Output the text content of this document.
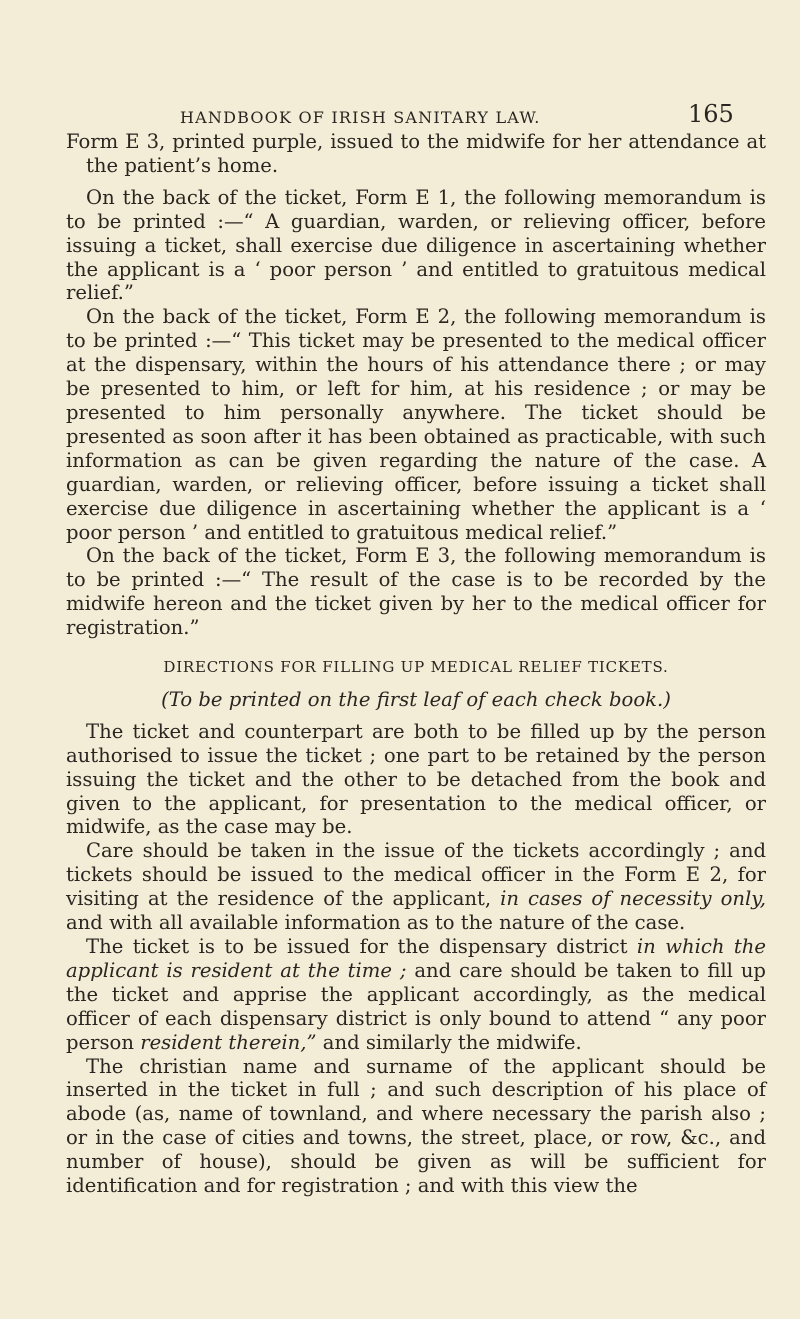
HANDBOOK OF IRISH SANITARY LAW.	165

Form E 3, printed purple, issued to the midwife for her attendance at the patient’s home.

On the back of the ticket, Form E 1, the following memorandum is to be printed :—“ A guardian, warden, or relieving officer, before issuing a ticket, shall exercise due diligence in ascertaining whether the applicant is a ‘ poor person ’ and entitled to gratuitous medical relief.”

On the back of the ticket, Form E 2, the following memorandum is to be printed :—“ This ticket may be presented to the medical officer at the dispensary, within the hours of his attendance there ; or may be presented to him, or left for him, at his residence ; or may be presented to him personally anywhere. The ticket should be presented as soon after it has been obtained as practicable, with such information as can be given regarding the nature of the case. A guardian, warden, or relieving officer, before issuing a ticket shall exercise due diligence in ascertaining whether the applicant is a ‘ poor person ’ and entitled to gratuitous medical relief.”

On the back of the ticket, Form E 3, the following memorandum is to be printed :—“ The result of the case is to be recorded by the midwife hereon and the ticket given by her to the medical officer for registration.”

DIRECTIONS FOR FILLING UP MEDICAL RELIEF TICKETS.

(To be printed on the first leaf of each check book.)

The ticket and counterpart are both to be filled up by the person authorised to issue the ticket ; one part to be retained by the person issuing the ticket and the other to be detached from the book and given to the applicant, for presentation to the medical officer, or midwife, as the case may be.

Care should be taken in the issue of the tickets accordingly ; and tickets should be issued to the medical officer in the Form E 2, for visiting at the residence of the applicant, in cases of necessity only, and with all available information as to the nature of the case.

The ticket is to be issued for the dispensary district in which the applicant is resident at the time ; and care should be taken to fill up the ticket and apprise the applicant accordingly, as the medical officer of each dispensary district is only bound to attend “ any poor person resident therein,” and similarly the midwife.

The christian name and surname of the applicant should be inserted in the ticket in full ; and such description of his place of abode (as, name of townland, and where necessary the parish also ; or in the case of cities and towns, the street, place, or row, &c., and number of house), should be given as will be sufficient for identification and for registration ; and with this view the
